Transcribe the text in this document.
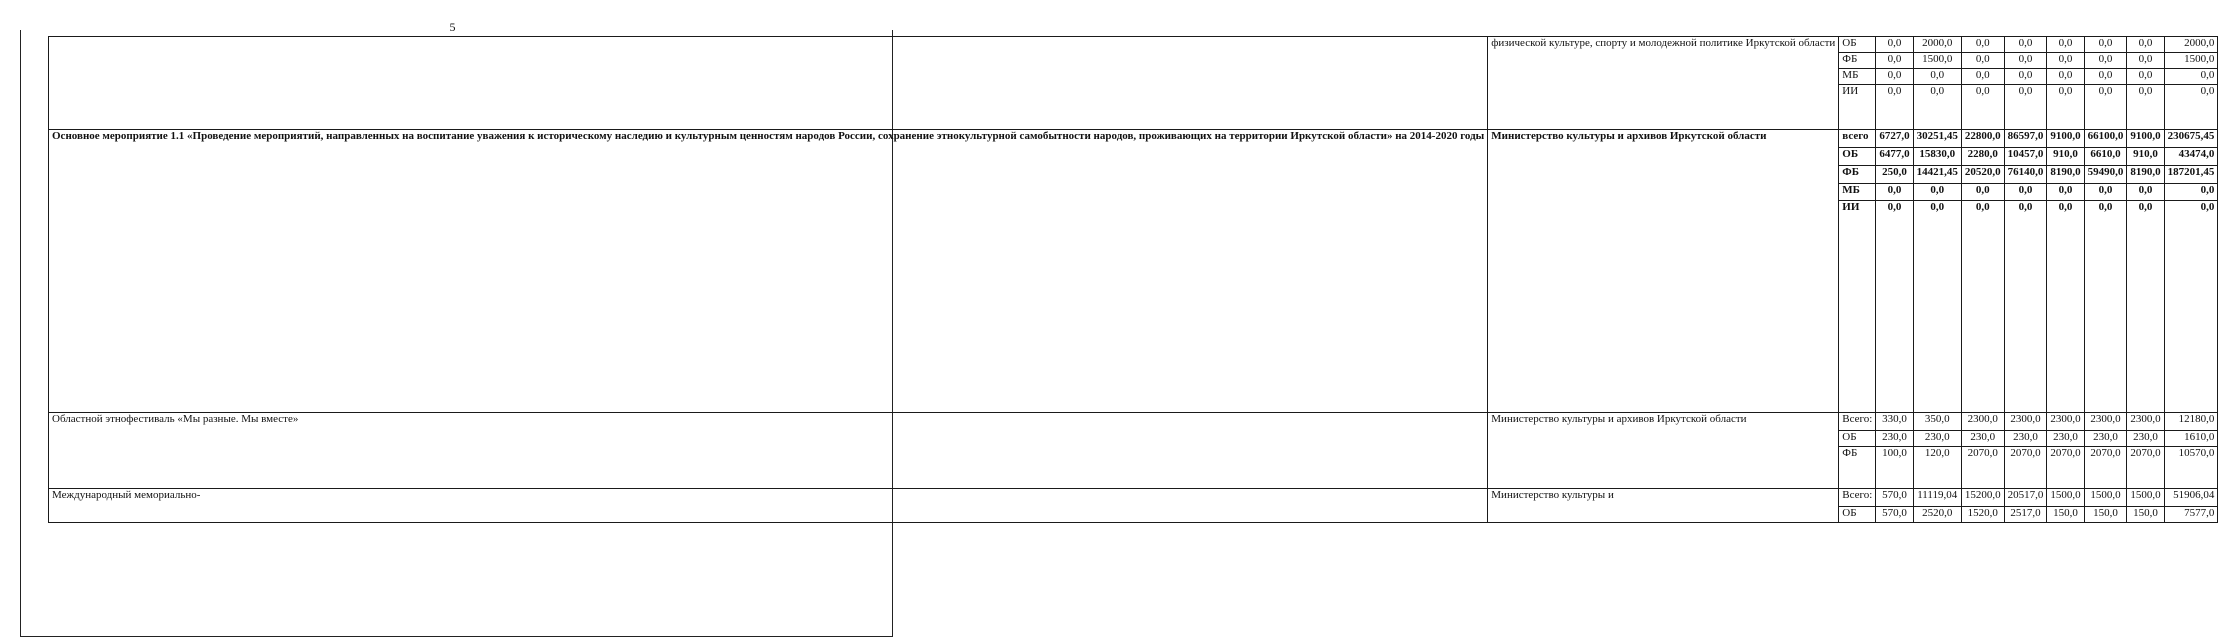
5
	физической культуре, спорту и молодежной политике Иркутской области	ОБ	0,0	2000,0	0,0	0,0	0,0	0,0	0,0	2000,0
		ФБ	0,0	1500,0	0,0	0,0	0,0	0,0	0,0	1500,0
		МБ	0,0	0,0	0,0	0,0	0,0	0,0	0,0	0,0
		ИИ	0,0	0,0	0,0	0,0	0,0	0,0	0,0	0,0
Основное мероприятие 1.1 «Проведение мероприятий, направленных на воспитание уважения к историческому наследию и культурным ценностям народов России, сохранение этнокультурной самобытности народов, проживающих на территории Иркутской области» на 2014-2020 годы	Министерство культуры и архивов Иркутской области	всего	6727,0	30251,45	22800,0	86597,0	9100,0	66100,0	9100,0	230675,45
		ОБ	6477,0	15830,0	2280,0	10457,0	910,0	6610,0	910,0	43474,0
		ФБ	250,0	14421,45	20520,0	76140,0	8190,0	59490,0	8190,0	187201,45
		МБ	0,0	0,0	0,0	0,0	0,0	0,0	0,0	0,0
		ИИ	0,0	0,0	0,0	0,0	0,0	0,0	0,0	0,0
Областной этнофестиваль «Мы разные. Мы вместе»	Министерство культуры и архивов Иркутской области	Всего:	330,0	350,0	2300,0	2300,0	2300,0	2300,0	2300,0	12180,0
		ОБ	230,0	230,0	230,0	230,0	230,0	230,0	230,0	1610,0
		ФБ	100,0	120,0	2070,0	2070,0	2070,0	2070,0	2070,0	10570,0
Международный мемориально-	Министерство культуры и	Всего:	570,0	11119,04	15200,0	20517,0	1500,0	1500,0	1500,0	51906,04
		ОБ	570,0	2520,0	1520,0	2517,0	150,0	150,0	150,0	7577,0
